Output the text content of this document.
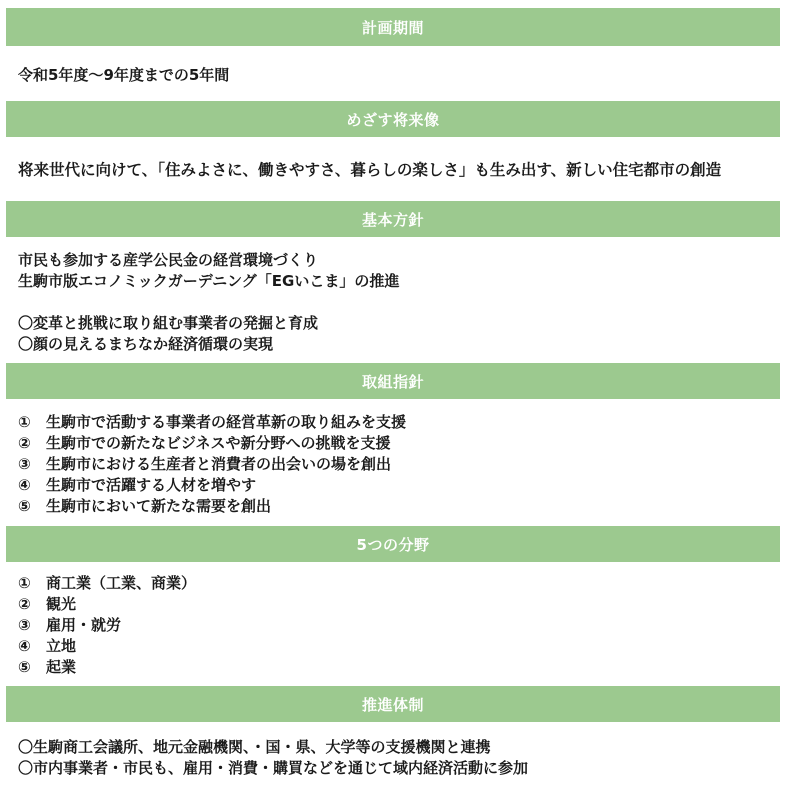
計画期間
令和5年度～9年度までの5年間
めざす将来像
将来世代に向けて、「住みよさに、働きやすさ、暮らしの楽しさ」も生み出す、新しい住宅都市の創造
基本方針
市民も参加する産学公民金の経営環境づくり
生駒市版エコノミックガーデニング「EGいこま」の推進
〇変革と挑戦に取り組む事業者の発掘と育成
〇顔の見えるまちなか経済循環の実現
取組指針
① 生駒市で活動する事業者の経営革新の取り組みを支援
② 生駒市での新たなビジネスや新分野への挑戦を支援
③ 生駒市における生産者と消費者の出会いの場を創出
④ 生駒市で活躍する人材を増やす
⑤ 生駒市において新たな需要を創出
5つの分野
① 商工業（工業、商業）
② 観光
③ 雇用・就労
④ 立地
⑤ 起業
推進体制
〇生駒商工会議所、地元金融機関、・国・県、大学等の支援機関と連携
〇市内事業者・市民も、雇用・消費・購買などを通じて域内経済活動に参加
